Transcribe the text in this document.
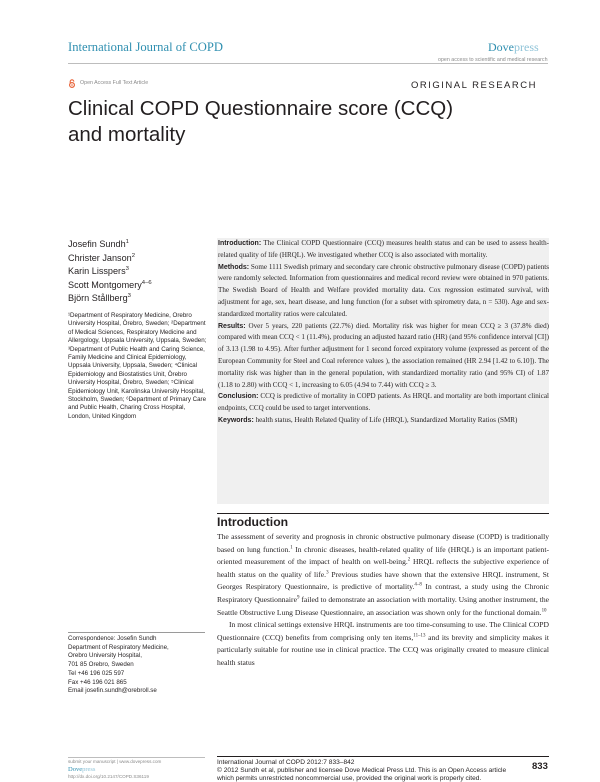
International Journal of COPD	Dovepress
open access to scientific and medical research
Open Access Full Text Article	ORIGINAL RESEARCH
Clinical COPD Questionnaire score (CCQ)
and mortality
Josefin Sundh$^1$
Christer Janson$^2$
Karin Lisspers$^3$
Scott Montgomery$^{4-6}$
Björn Stållberg$^3$
¹Department of Respiratory Medicine, Orebro University Hospital, Örebro, Sweden; ²Department of Medical Sciences, Respiratory Medicine and Allergology, Uppsala University, Uppsala, Sweden; ³Department of Public Health and Caring Science, Family Medicine and Clinical Epidemiology, Uppsala University, Uppsala, Sweden; ⁴Clinical Epidemiology and Biostatistics Unit, Örebro University Hospital, Örebro, Sweden; ⁵Clinical Epidemiology Unit, Karolinska University Hospital, Stockholm, Sweden; ⁶Department of Primary Care and Public Health, Charing Cross Hospital, London, United Kingdom
Correspondence: Josefin Sundh
Department of Respiratory Medicine,
Orebro University Hospital,
701 85 Orebro, Sweden
Tel +46 196 025 597
Fax +46 196 021 865
Email josefin.sundh@orebroll.se

Introduction: The Clinical COPD Questionnaire (CCQ) measures health status and can be used to assess health-related quality of life (HRQL). We investigated whether CCQ is also associated with mortality.

Methods: Some 1111 Swedish primary and secondary care chronic obstructive pulmonary disease (COPD) patients were randomly selected. Information from questionnaires and medical record review were obtained in 970 patients. The Swedish Board of Health and Welfare provided mortality data. Cox regression estimated survival, with adjustment for age, sex, heart disease, and lung function (for a subset with spirometry data, n = 530). Age and sex-standardized mortality ratios were calculated.

Results: Over 5 years, 220 patients (22.7%) died. Mortality risk was higher for mean CCQ ≥ 3 (37.8% died) compared with mean CCQ < 1 (11.4%), producing an adjusted hazard ratio (HR) (and 95% confidence interval [CI]) of 3.13 (1.98 to 4.95). After further adjustment for 1 second forced expiratory volume (expressed as percent of the European Community for Steel and Coal reference values ), the association remained (HR 2.94 [1.42 to 6.10]). The mortality risk was higher than in the general population, with standardized mortality ratio (and 95% CI) of 1.87 (1.18 to 2.80) with CCQ < 1, increasing to 6.05 (4.94 to 7.44) with CCQ ≥ 3.

Conclusion: CCQ is predictive of mortality in COPD patients. As HRQL and mortality are both important clinical endpoints, CCQ could be used to target interventions.

Keywords: health status, Health Related Quality of Life (HRQL), Standardized Mortality Ratios (SMR)

Introduction

The assessment of severity and prognosis in chronic obstructive pulmonary disease (COPD) is traditionally based on lung function.$^1$ In chronic diseases, health-related quality of life (HRQL) is an important patient-oriented measurement of the impact of health on well-being.$^2$ HRQL reflects the subjective experience of health status on the quality of life.$^3$ Previous studies have shown that the extensive HRQL instrument, St Georges Respiratory Questionnaire, is predictive of mortality.$^{4-8}$ In contrast, a study using the Chronic Respiratory Questionnaire$^9$ failed to demonstrate an association with mortality. Using another instrument, the Seattle Obstructive Lung Disease Questionnaire, an association was shown only for the functional domain.$^{10}$

In most clinical settings extensive HRQL instruments are too time-consuming to use. The Clinical COPD Questionnaire (CCQ) benefits from comprising only ten items,$^{11-13}$ and its brevity and simplicity makes it particularly suitable for routine use in clinical practice. The CCQ was originally created to measure clinical health status

submit your manuscript | www.dovepress.com
Dovepress
http://dx.doi.org/10.2147/COPD.S36119
International Journal of COPD 2012:7 833–842	833
© 2012 Sundh et al, publisher and licensee Dove Medical Press Ltd. This is an Open Access article
which permits unrestricted noncommercial use, provided the original work is properly cited.
